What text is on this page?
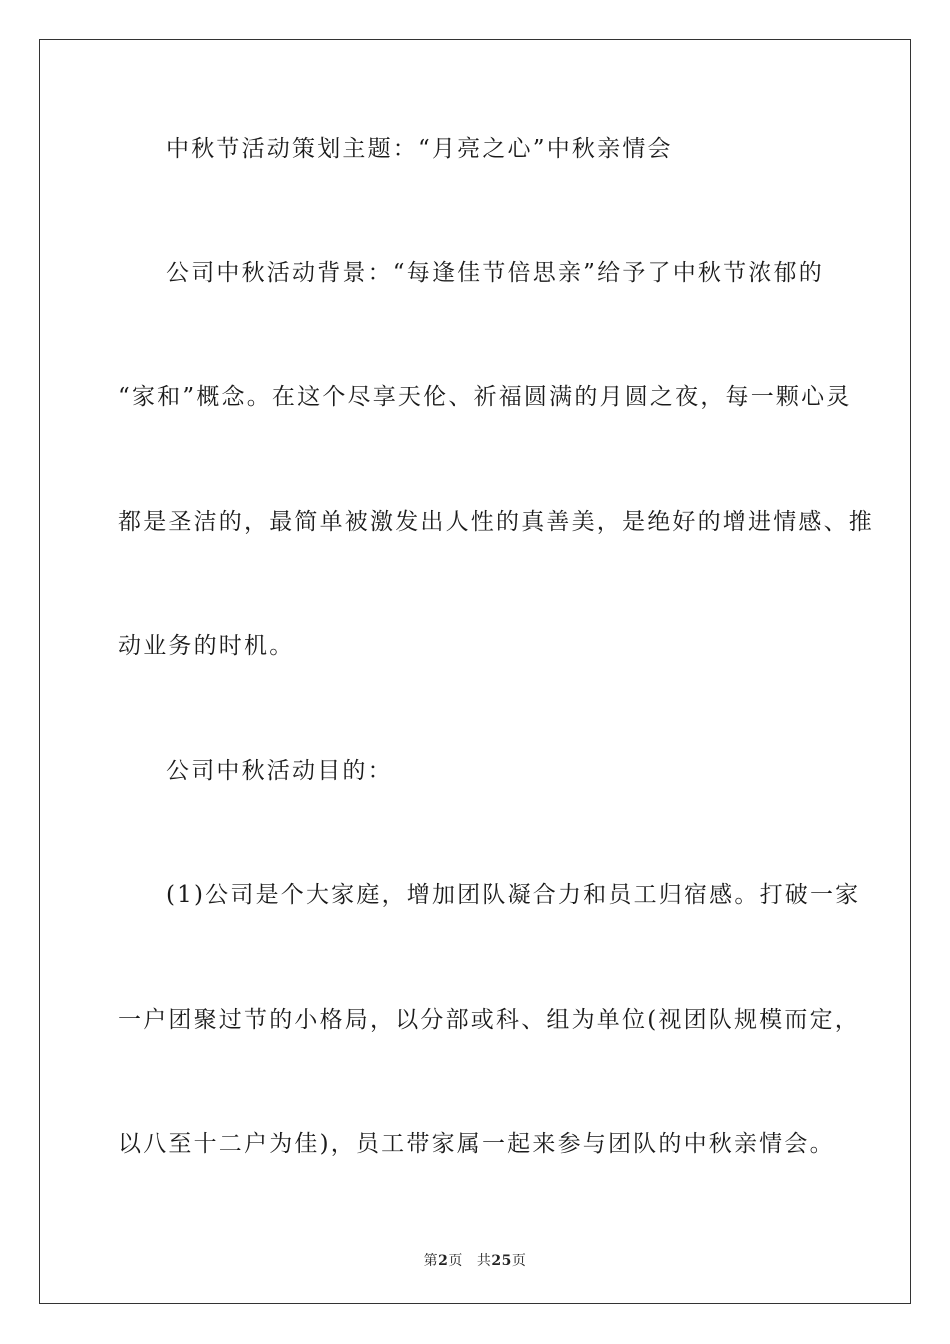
中秋节活动策划主题：“月亮之心”中秋亲情会
公司中秋活动背景：“每逢佳节倍思亲”给予了中秋节浓郁的
“家和”概念。在这个尽享天伦、祈福圆满的月圆之夜，每一颗心灵
都是圣洁的，最简单被激发出人性的真善美，是绝好的增进情感、推
动业务的时机。
公司中秋活动目的：
(1)公司是个大家庭，增加团队凝合力和员工归宿感。打破一家
一户团聚过节的小格局，以分部或科、组为单位(视团队规模而定，
以八至十二户为佳)，员工带家属一起来参与团队的中秋亲情会。
第2页 共25页
